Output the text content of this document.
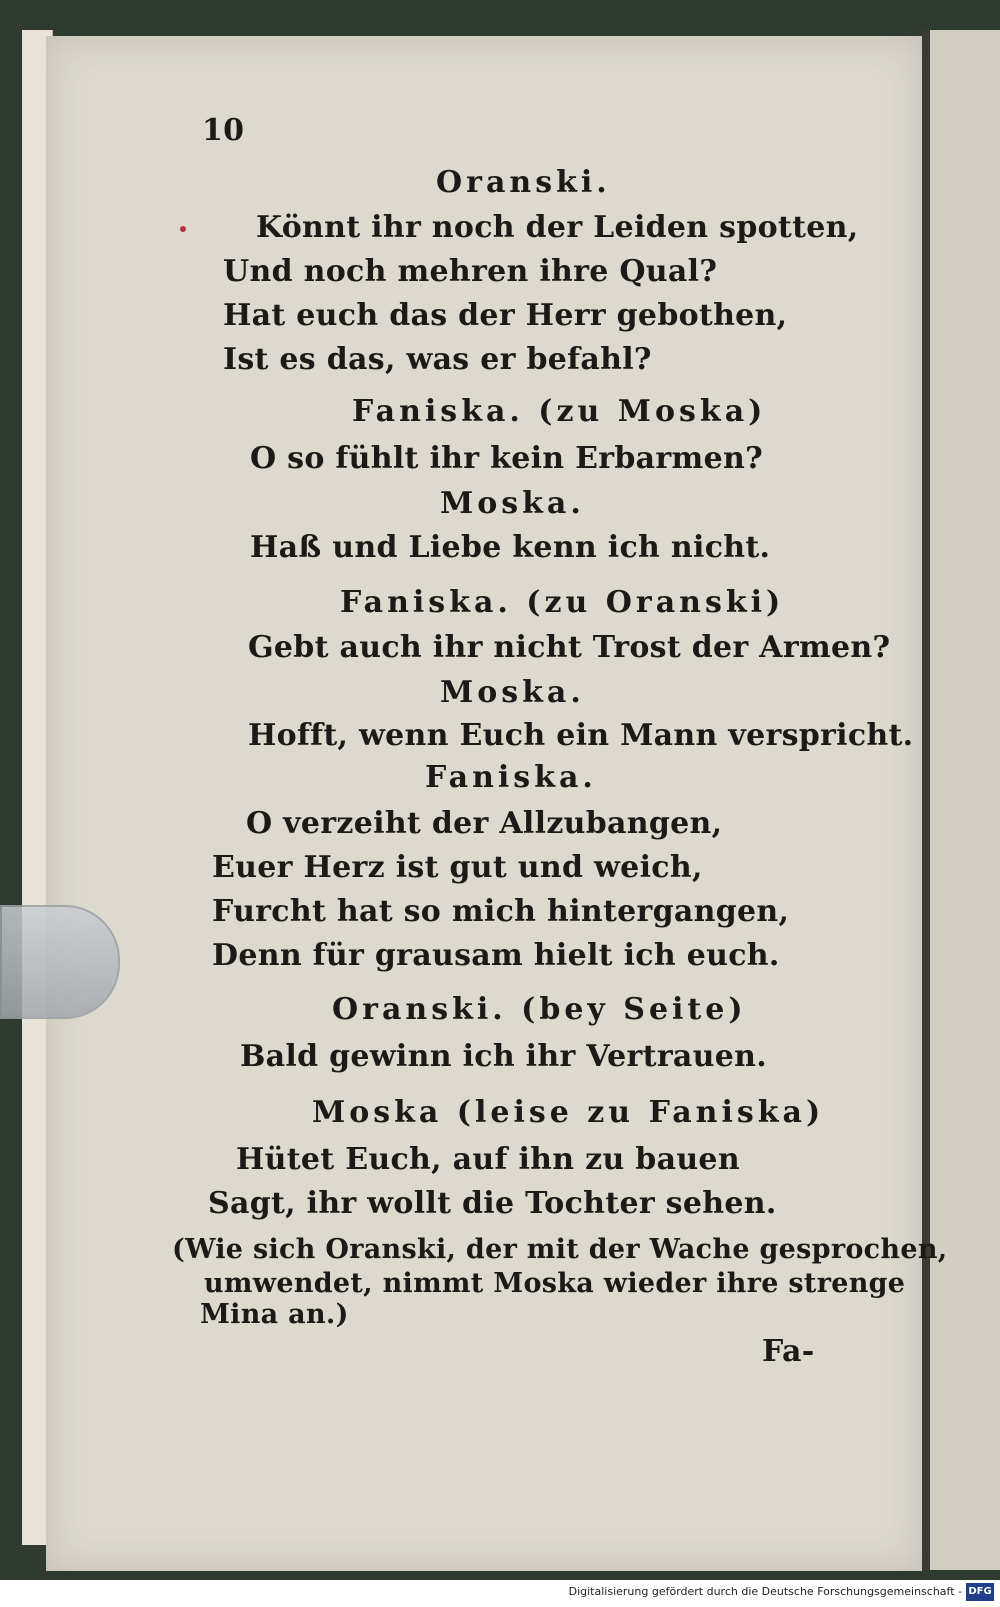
10
Oranski.
Könnt ihr noch der Leiden spotten,
Und noch mehren ihre Qual?
Hat euch das der Herr gebothen,
Ist es das, was er befahl?
Faniska. (zu Moska)
O so fühlt ihr kein Erbarmen?
Moska.
Haß und Liebe kenn ich nicht.
Faniska. (zu Oranski)
Gebt auch ihr nicht Trost der Armen?
Moska.
Hofft, wenn Euch ein Mann verspricht.
Faniska.
O verzeiht der Allzubangen,
Euer Herz ist gut und weich,
Furcht hat so mich hintergangen,
Denn für grausam hielt ich euch.
Oranski. (bey Seite)
Bald gewinn ich ihr Vertrauen.
Moska (leise zu Faniska)
Hütet Euch, auf ihn zu bauen
Sagt, ihr wollt die Tochter sehen.
(Wie sich Oranski, der mit der Wache gesprochen,
umwendet, nimmt Moska wieder ihre strenge
Mina an.)
Fa-
Digitalisierung gefördert durch die Deutsche Forschungsgemeinschaft - DFG
